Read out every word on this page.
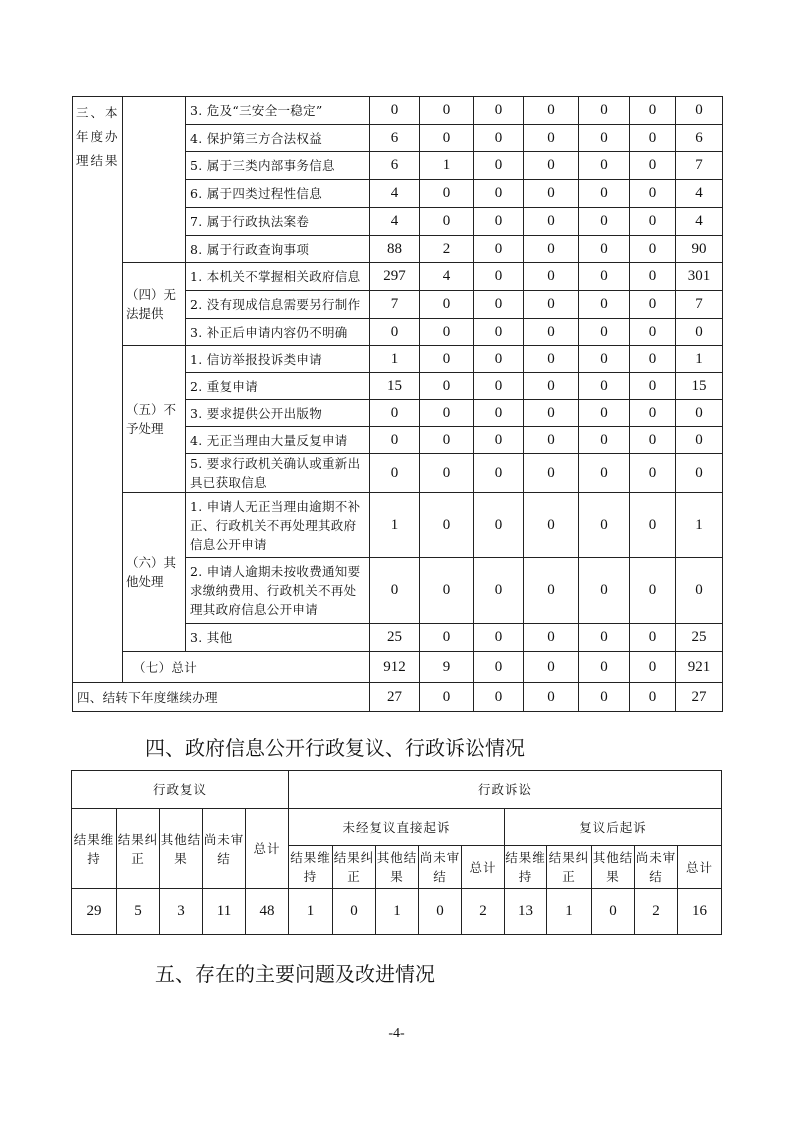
三、本年度办理结果		3. 危及“三安全一稳定”	0	0	0	0	0	0	0
		4. 保护第三方合法权益	6	0	0	0	0	0	6
		5. 属于三类内部事务信息	6	1	0	0	0	0	7
		6. 属于四类过程性信息	4	0	0	0	0	0	4
		7. 属于行政执法案卷	4	0	0	0	0	0	4
		8. 属于行政查询事项	88	2	0	0	0	0	90
	（四）无法提供	1. 本机关不掌握相关政府信息	297	4	0	0	0	0	301
		2. 没有现成信息需要另行制作	7	0	0	0	0	0	7
		3. 补正后申请内容仍不明确	0	0	0	0	0	0	0
	（五）不予处理	1. 信访举报投诉类申请	1	0	0	0	0	0	1
		2. 重复申请	15	0	0	0	0	0	15
		3. 要求提供公开出版物	0	0	0	0	0	0	0
		4. 无正当理由大量反复申请	0	0	0	0	0	0	0
		5. 要求行政机关确认或重新出具已获取信息	0	0	0	0	0	0	0
	（六）其他处理	1. 申请人无正当理由逾期不补正、行政机关不再处理其政府信息公开申请	1	0	0	0	0	0	1
		2. 申请人逾期未按收费通知要求缴纳费用、行政机关不再处理其政府信息公开申请	0	0	0	0	0	0	0
		3. 其他	25	0	0	0	0	0	25
	（七）总计		912	9	0	0	0	0	921
四、结转下年度继续办理			27	0	0	0	0	0	27
四、政府信息公开行政复议、行政诉讼情况
行政复议					行政诉讼									
结果维持	结果纠正	其他结果	尚未审结	总计	未经复议直接起诉					复议后起诉				
					结果维持	结果纠正	其他结果	尚未审结	总计	结果维持	结果纠正	其他结果	尚未审结	总计
29	5	3	11	48	1	0	1	0	2	13	1	0	2	16
五、存在的主要问题及改进情况
-4-
